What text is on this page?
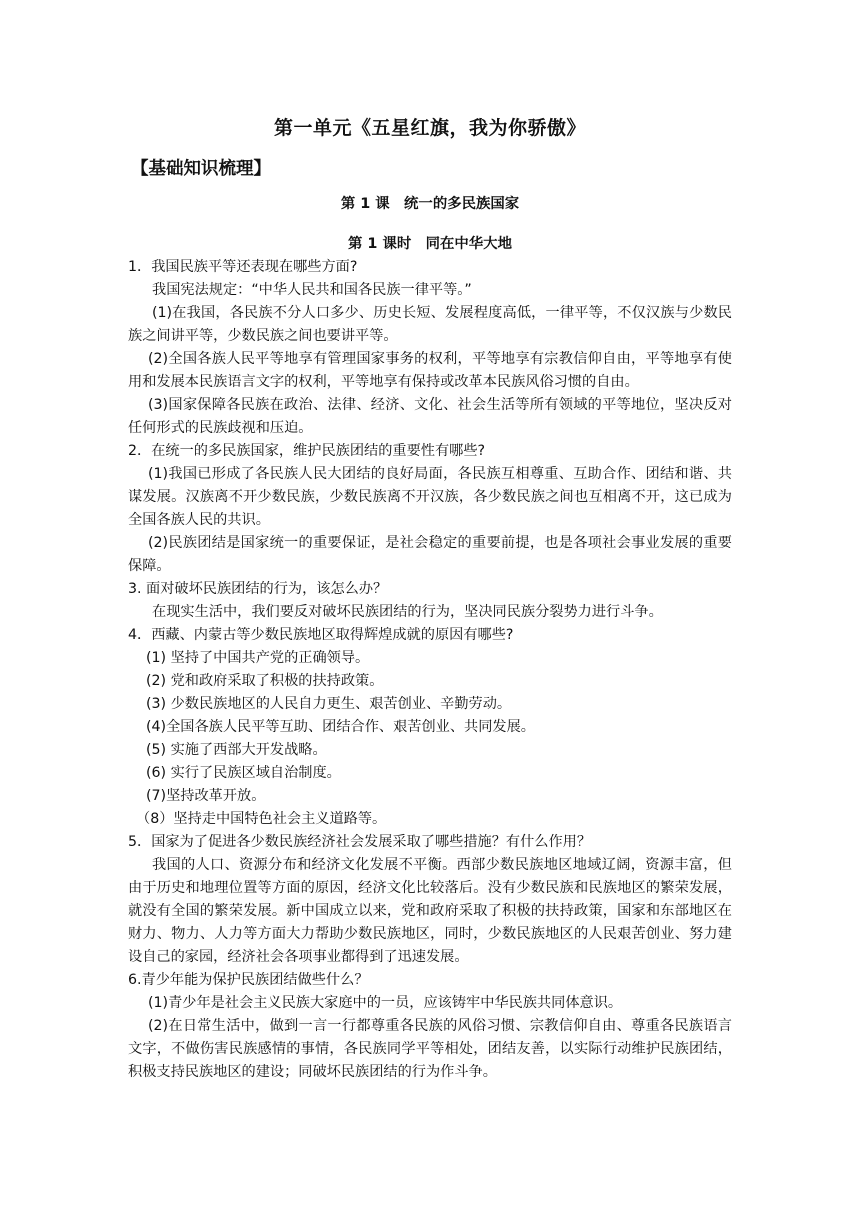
第一单元《五星红旗，我为你骄傲》
【基础知识梳理】
第 1 课　统一的多民族国家
第 1 课时　同在中华大地
1．我国民族平等还表现在哪些方面?
我国宪法规定：“中华人民共和国各民族一律平等。”
(1)在我国，各民族不分人口多少、历史长短、发展程度高低，一律平等，不仅汉族与少数民族之间讲平等，少数民族之间也要讲平等。
(2)全国各族人民平等地享有管理国家事务的权利，平等地享有宗教信仰自由，平等地享有使用和发展本民族语言文字的权利，平等地享有保持或改革本民族风俗习惯的自由。
(3)国家保障各民族在政治、法律、经济、文化、社会生活等所有领域的平等地位，坚决反对任何形式的民族歧视和压迫。
2．在统一的多民族国家，维护民族团结的重要性有哪些?
(1)我国已形成了各民族人民大团结的良好局面，各民族互相尊重、互助合作、团结和谐、共谋发展。汉族离不开少数民族，少数民族离不开汉族，各少数民族之间也互相离不开，这已成为全国各族人民的共识。
(2)民族团结是国家统一的重要保证，是社会稳定的重要前提，也是各项社会事业发展的重要保障。
3. 面对破坏民族团结的行为，该怎么办？
在现实生活中，我们要反对破坏民族团结的行为，坚决同民族分裂势力进行斗争。
4．西藏、内蒙古等少数民族地区取得辉煌成就的原因有哪些?
(1) 坚持了中国共产党的正确领导。
(2) 党和政府采取了积极的扶持政策。
(3) 少数民族地区的人民自力更生、艰苦创业、辛勤劳动。
(4)全国各族人民平等互助、团结合作、艰苦创业、共同发展。
(5) 实施了西部大开发战略。
(6) 实行了民族区域自治制度。
(7)坚持改革开放。
（8）坚持走中国特色社会主义道路等。
5．国家为了促进各少数民族经济社会发展采取了哪些措施？有什么作用？
我国的人口、资源分布和经济文化发展不平衡。西部少数民族地区地域辽阔，资源丰富，但由于历史和地理位置等方面的原因，经济文化比较落后。没有少数民族和民族地区的繁荣发展，就没有全国的繁荣发展。新中国成立以来，党和政府采取了积极的扶持政策，国家和东部地区在财力、物力、人力等方面大力帮助少数民族地区，同时，少数民族地区的人民艰苦创业、努力建设自己的家园，经济社会各项事业都得到了迅速发展。
6.青少年能为保护民族团结做些什么？
(1)青少年是社会主义民族大家庭中的一员，应该铸牢中华民族共同体意识。
(2)在日常生活中，做到一言一行都尊重各民族的风俗习惯、宗教信仰自由、尊重各民族语言文字，不做伤害民族感情的事情，各民族同学平等相处，团结友善，以实际行动维护民族团结，积极支持民族地区的建设；同破坏民族团结的行为作斗争。
